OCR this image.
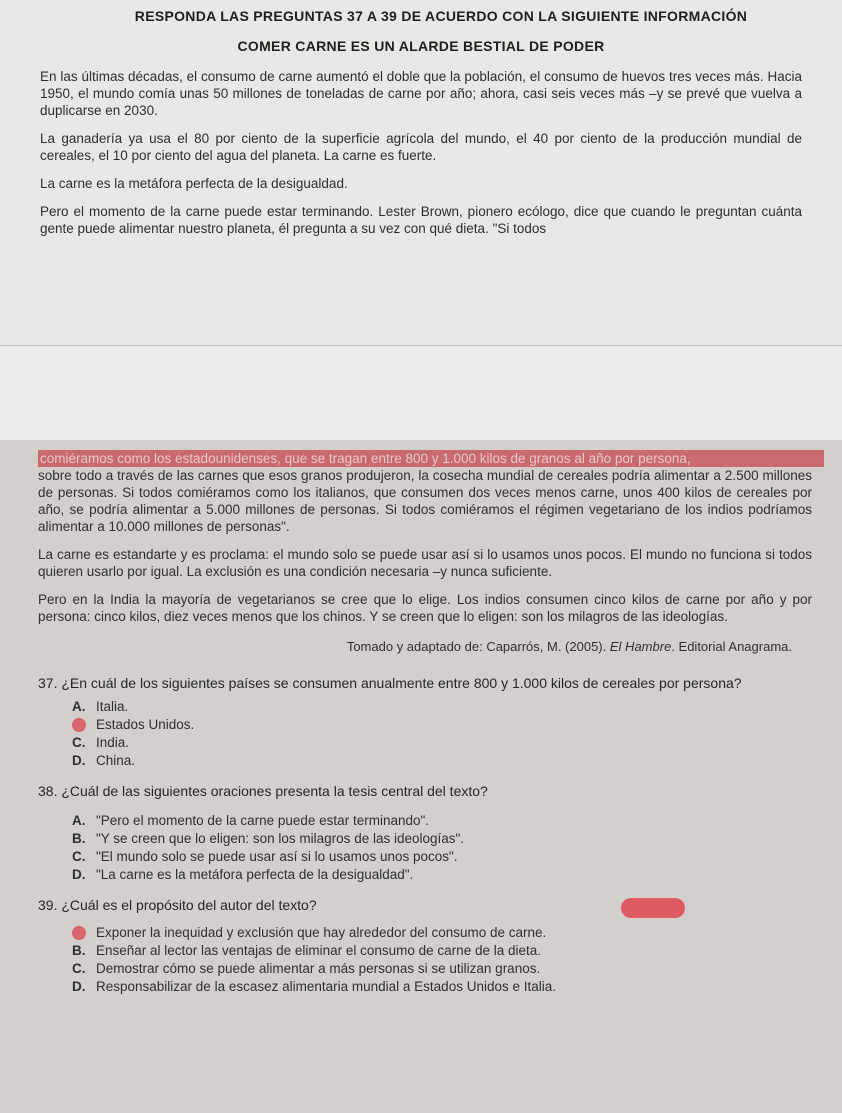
RESPONDA LAS PREGUNTAS 37 A 39 DE ACUERDO CON LA SIGUIENTE INFORMACIÓN
COMER CARNE ES UN ALARDE BESTIAL DE PODER

En las últimas décadas, el consumo de carne aumentó el doble que la población, el consumo de huevos tres veces más. Hacia 1950, el mundo comía unas 50 millones de toneladas de carne por año; ahora, casi seis veces más –y se prevé que vuelva a duplicarse en 2030.

La ganadería ya usa el 80 por ciento de la superficie agrícola del mundo, el 40 por ciento de la producción mundial de cereales, el 10 por ciento del agua del planeta. La carne es fuerte.

La carne es la metáfora perfecta de la desigualdad.

Pero el momento de la carne puede estar terminando. Lester Brown, pionero ecólogo, dice que cuando le preguntan cuánta gente puede alimentar nuestro planeta, él pregunta a su vez con qué dieta. "Si todos

comiéramos como los estadounidenses, que se tragan entre 800 y 1.000 kilos de granos al año por persona,
sobre todo a través de las carnes que esos granos produjeron, la cosecha mundial de cereales podría alimentar a 2.500 millones de personas. Si todos comiéramos como los italianos, que consumen dos veces menos carne, unos 400 kilos de cereales por año, se podría alimentar a 5.000 millones de personas. Si todos comiéramos el régimen vegetariano de los indios podríamos alimentar a 10.000 millones de personas".

La carne es estandarte y es proclama: el mundo solo se puede usar así si lo usamos unos pocos. El mundo no funciona si todos quieren usarlo por igual. La exclusión es una condición necesaria –y nunca suficiente.

Pero en la India la mayoría de vegetarianos se cree que lo elige. Los indios consumen cinco kilos de carne por año y por persona: cinco kilos, diez veces menos que los chinos. Y se creen que lo eligen: son los milagros de las ideologías.

Tomado y adaptado de: Caparrós, M. (2005). El Hambre. Editorial Anagrama.
37. ¿En cuál de los siguientes países se consumen anualmente entre 800 y 1.000 kilos de cereales por persona?
A. Italia.
Estados Unidos.
C. India.
D. China.
38. ¿Cuál de las siguientes oraciones presenta la tesis central del texto?
A. "Pero el momento de la carne puede estar terminando".
B. "Y se creen que lo eligen: son los milagros de las ideologías".
C. "El mundo solo se puede usar así si lo usamos unos pocos".
D. "La carne es la metáfora perfecta de la desigualdad".
39. ¿Cuál es el propósito del autor del texto?
Exponer la inequidad y exclusión que hay alrededor del consumo de carne.
B. Enseñar al lector las ventajas de eliminar el consumo de carne de la dieta.
C. Demostrar cómo se puede alimentar a más personas si se utilizan granos.
D. Responsabilizar de la escasez alimentaria mundial a Estados Unidos e Italia.
